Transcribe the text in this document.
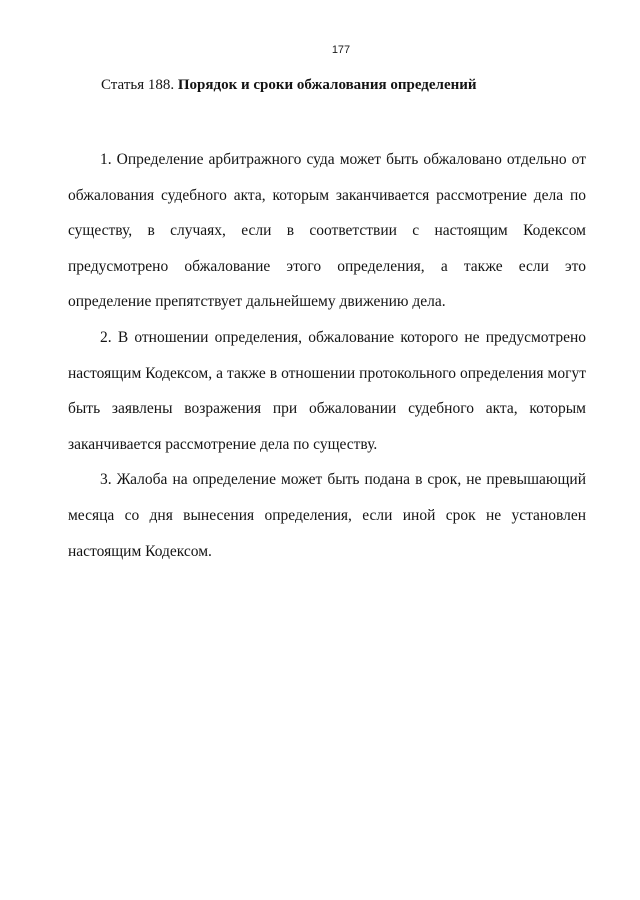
177
Статья 188. Порядок и сроки обжалования определений

1. Определение арбитражного суда может быть обжаловано отдельно от обжалования судебного акта, которым заканчивается рассмотрение дела по существу, в случаях, если в соответствии с настоящим Кодексом предусмотрено обжалование этого определения, а также если это определение препятствует дальнейшему движению дела.

2. В отношении определения, обжалование которого не предусмотрено настоящим Кодексом, а также в отношении протокольного определения могут быть заявлены возражения при обжаловании судебного акта, которым заканчивается рассмотрение дела по существу.

3. Жалоба на определение может быть подана в срок, не превышающий месяца со дня вынесения определения, если иной срок не установлен настоящим Кодексом.
